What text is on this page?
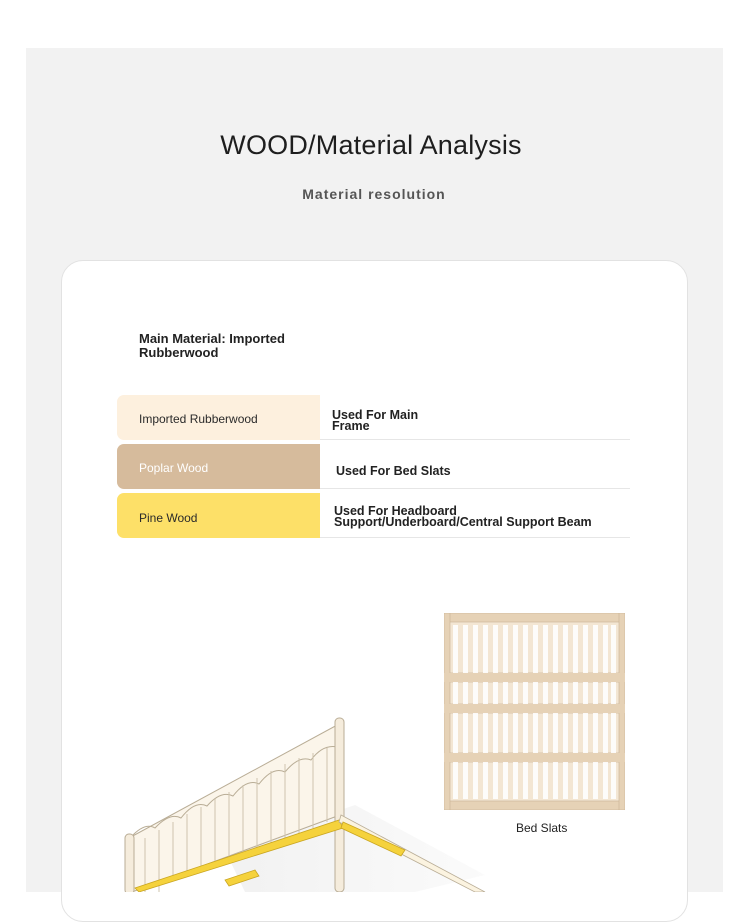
WOOD/Material Analysis
Material resolution
Main Material: Imported Rubberwood
Imported Rubberwood	Used For Main
Frame
Poplar Wood	Used For Bed Slats
Pine Wood	Used For Headboard
Support/Underboard/Central Support Beam
Bed Slats
